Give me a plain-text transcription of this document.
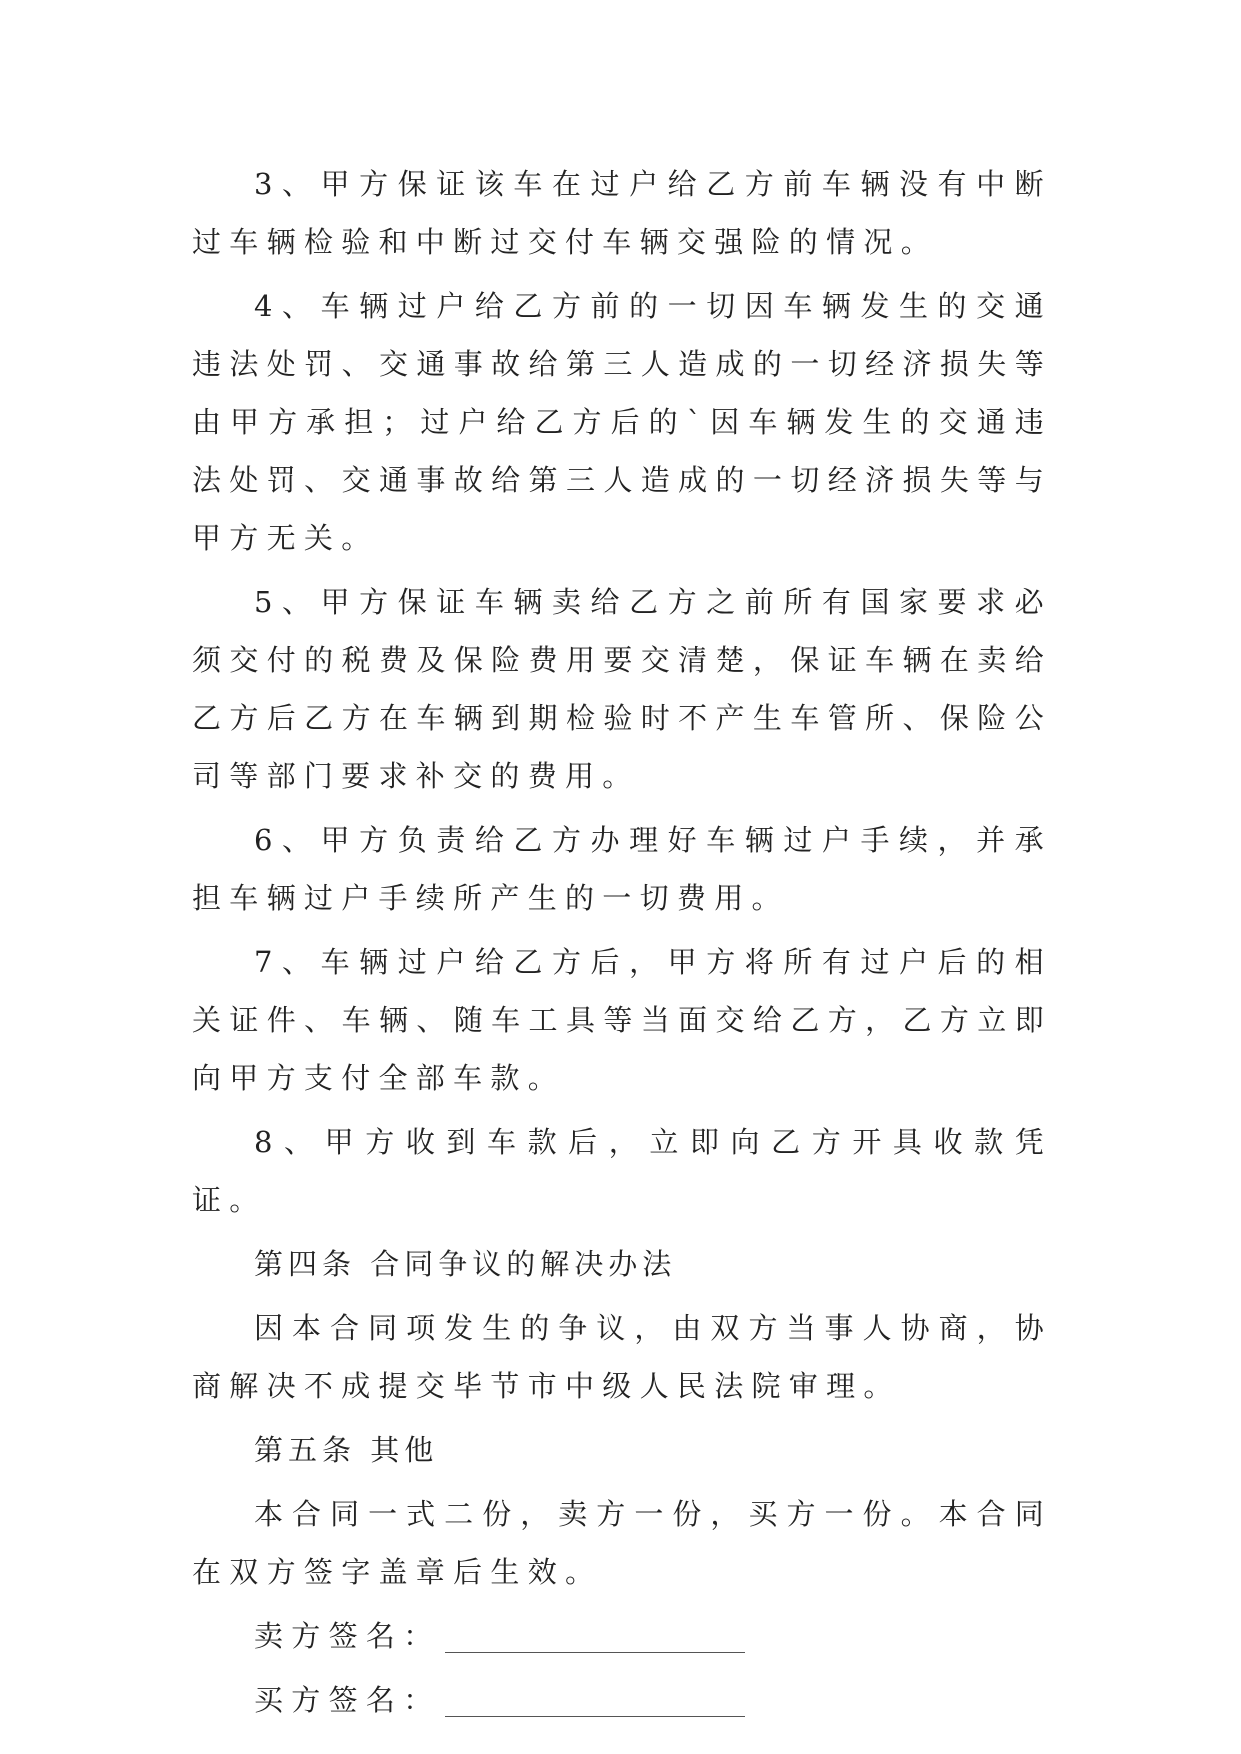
3、甲方保证该车在过户给乙方前车辆没有中断过车辆检验和中断过交付车辆交强险的情况。

4、车辆过户给乙方前的一切因车辆发生的交通违法处罚、交通事故给第三人造成的一切经济损失等由甲方承担；过户给乙方后的`因车辆发生的交通违法处罚、交通事故给第三人造成的一切经济损失等与甲方无关。

5、甲方保证车辆卖给乙方之前所有国家要求必须交付的税费及保险费用要交清楚，保证车辆在卖给乙方后乙方在车辆到期检验时不产生车管所、保险公司等部门要求补交的费用。

6、甲方负责给乙方办理好车辆过户手续，并承担车辆过户手续所产生的一切费用。

7、车辆过户给乙方后，甲方将所有过户后的相关证件、车辆、随车工具等当面交给乙方，乙方立即向甲方支付全部车款。

8、甲方收到车款后，立即向乙方开具收款凭证。

第四条 合同争议的解决办法

因本合同项发生的争议，由双方当事人协商，协商解决不成提交毕节市中级人民法院审理。

第五条 其他

本合同一式二份，卖方一份，买方一份。本合同在双方签字盖章后生效。

卖方签名：
买方签名：
